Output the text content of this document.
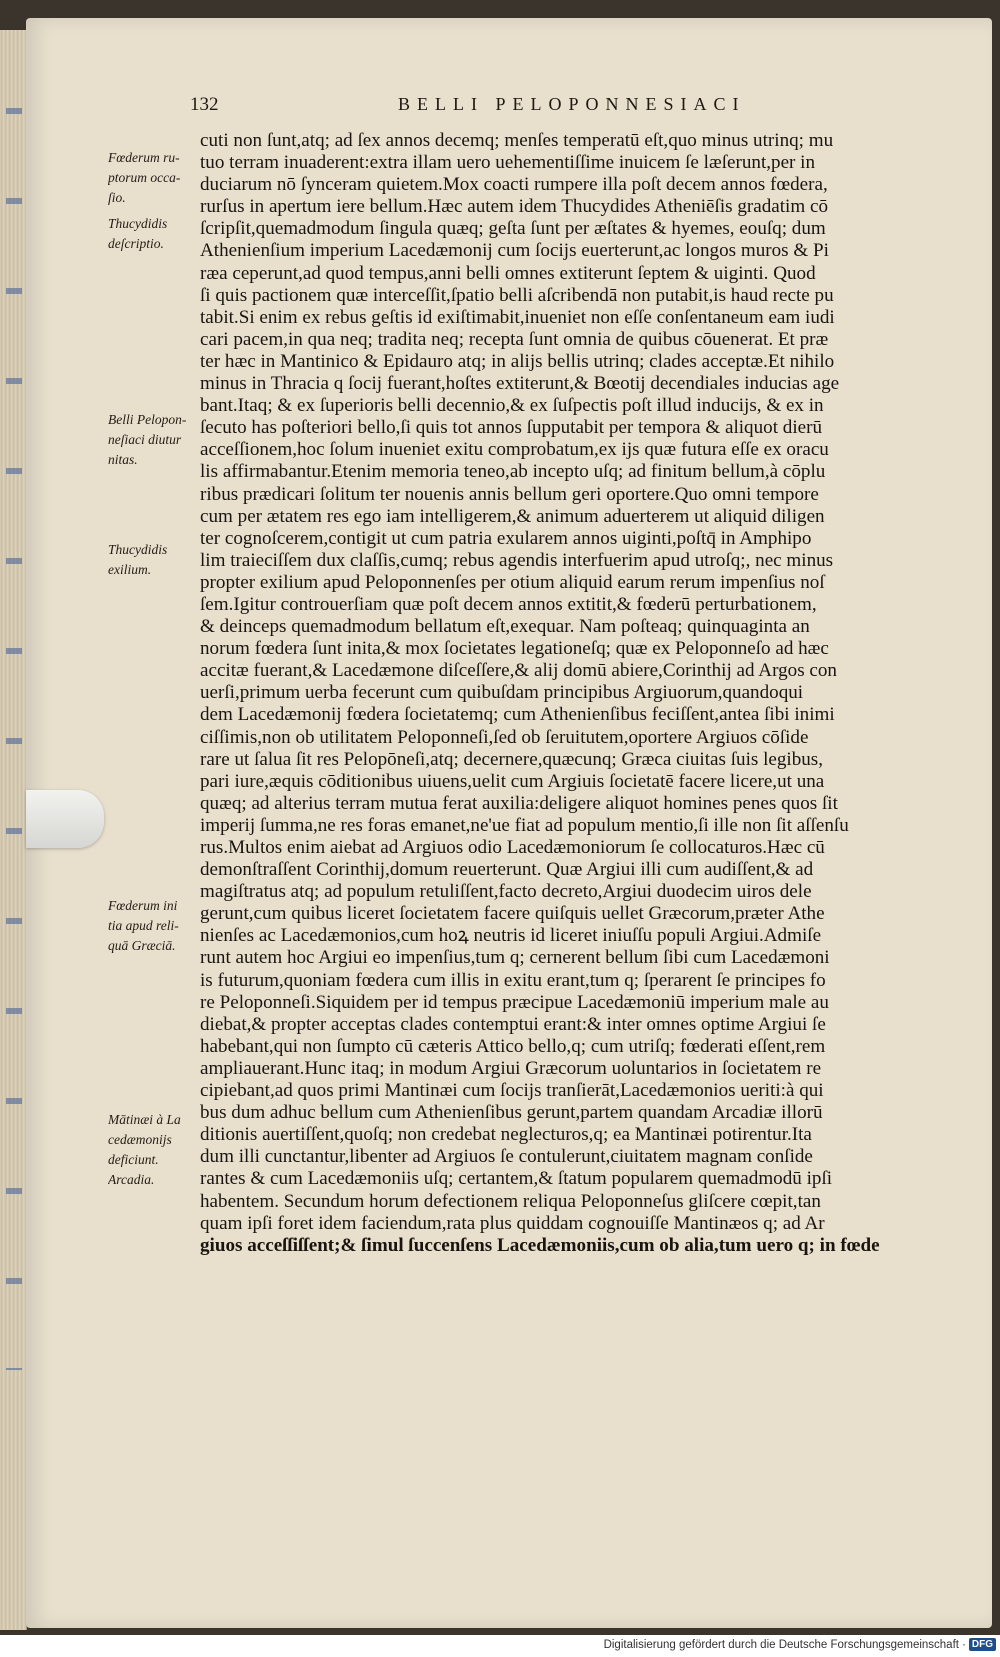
132	BELLI PELOPONNESIACI
Fœderum ru-
ptorum occa-
ſio.
Thucydidis
deſcriptio.
Belli Pelopon-
neſiaci diutur
nitas.
Thucydidis
exilium.
Fœderum ini
tia apud reli-
quā Græciā.
Mātinæi à La
cedæmonijs
deficiunt.
Arcadia.
cuti non ſunt,atq; ad ſex annos decemq; menſes temperatū eſt,quo minus utrinq; mu
tuo terram inuaderent:extra illam uero uehementiſſime inuicem ſe læſerunt,per in
duciarum nō ſynceram quietem.Mox coacti rumpere illa poſt decem annos fœdera,
rurſus in apertum iere bellum.Hæc autem idem Thucydides Atheniēſis gradatim cō
ſcripſit,quemadmodum ſingula quæq; geſta ſunt per æſtates & hyemes, eouſq; dum
Athenienſium imperium Lacedæmonij cum ſocijs euerterunt,ac longos muros & Pi
ræa ceperunt,ad quod tempus,anni belli omnes extiterunt ſeptem & uiginti. Quod
ſi quis pactionem quæ interceſſit,ſpatio belli aſcribendā non putabit,is haud recte pu
tabit.Si enim ex rebus geſtis id exiſtimabit,inueniet non eſſe conſentaneum eam iudi
cari pacem,in qua neq; tradita neq; recepta ſunt omnia de quibus cōuenerat. Et præ
ter hæc in Mantinico & Epidauro atq; in alijs bellis utrinq; clades acceptæ.Et nihilo
minus in Thracia q ſocij fuerant,hoſtes extiterunt,& Bœotij decendiales inducias age
bant.Itaq; & ex ſuperioris belli decennio,& ex ſuſpectis poſt illud inducijs, & ex in
ſecuto has poſteriori bello,ſi quis tot annos ſupputabit per tempora & aliquot dierū
acceſſionem,hoc ſolum inueniet exitu comprobatum,ex ijs quæ futura eſſe ex oracu
lis affirmabantur.Etenim memoria teneo,ab incepto uſq; ad finitum bellum,à cōplu
ribus prædicari ſolitum ter nouenis annis bellum geri oportere.Quo omni tempore
cum per ætatem res ego iam intelligerem,& animum aduerterem ut aliquid diligen
ter cognoſcerem,contigit ut cum patria exularem annos uiginti,poſtq̄ in Amphipo
lim traieciſſem dux claſſis,cumq; rebus agendis interfuerim apud utroſq;, nec minus
propter exilium apud Peloponnenſes per otium aliquid earum rerum impenſius noſ
ſem.Igitur controuerſiam quæ poſt decem annos extitit,& fœderū perturbationem,
& deinceps quemadmodum bellatum eſt,exequar. Nam poſteaq; quinquaginta an
norum fœdera ſunt inita,& mox ſocietates legationeſq; quæ ex Peloponneſo ad hæc
accitæ fuerant,& Lacedæmone diſceſſere,& alij domū abiere,Corinthij ad Argos con
uerſi,primum uerba fecerunt cum quibuſdam principibus Argiuorum,quandoqui
dem Lacedæmonij fœdera ſocietatemq; cum Athenienſibus feciſſent,antea ſibi inimi
ciſſimis,non ob utilitatem Peloponneſi,ſed ob ſeruitutem,oportere Argiuos cōſide
rare ut ſalua ſit res Pelopōneſi,atq; decernere,quæcunq; Græca ciuitas ſuis legibus,
pari iure,æquis cōditionibus uiuens,uelit cum Argiuis ſocietatē facere licere,ut una
quæq; ad alterius terram mutua ferat auxilia:deligere aliquot homines penes quos ſit
imperij ſumma,ne res foras emanet,ne'ue fiat ad populum mentio,ſi ille non ſit aſſenſu
rus.Multos enim aiebat ad Argiuos odio Lacedæmoniorum ſe collocaturos.Hæc cū
demonſtraſſent Corinthij,domum reuerterunt. Quæ Argiui illi cum audiſſent,& ad
magiſtratus atq; ad populum retuliſſent,facto decreto,Argiui duodecim uiros dele
gerunt,cum quibus liceret ſocietatem facere quiſquis uellet Græcorum,præter Athe
nienſes ac Lacedæmonios,cum hoꝝ neutris id liceret iniuſſu populi Argiui.Admiſe
runt autem hoc Argiui eo impenſius,tum q; cernerent bellum ſibi cum Lacedæmoni
is futurum,quoniam fœdera cum illis in exitu erant,tum q; ſperarent ſe principes fo
re Peloponneſi.Siquidem per id tempus præcipue Lacedæmoniū imperium male au
diebat,& propter acceptas clades contemptui erant:& inter omnes optime Argiui ſe
habebant,qui non ſumpto cū cæteris Attico bello,q; cum utriſq; fœderati eſſent,rem
ampliauerant.Hunc itaq; in modum Argiui Græcorum uoluntarios in ſocietatem re
cipiebant,ad quos primi Mantinæi cum ſocijs tranſierāt,Lacedæmonios ueriti:à qui
bus dum adhuc bellum cum Athenienſibus gerunt,partem quandam Arcadiæ illorū
ditionis auertiſſent,quoſq; non credebat neglecturos,q; ea Mantinæi potirentur.Ita
dum illi cunctantur,libenter ad Argiuos ſe contulerunt,ciuitatem magnam conſide
rantes & cum Lacedæmoniis uſq; certantem,& ſtatum popularem quemadmodū ipſi
habentem. Secundum horum defectionem reliqua Peloponneſus gliſcere cœpit,tan
quam ipſi foret idem faciendum,rata plus quiddam cognouiſſe Mantinæos q; ad Ar
giuos acceſſiſſent;& ſimul ſuccenſens Lacedæmoniis,cum ob alia,tum uero q; in fœde
Digitalisierung gefördert durch die Deutsche Forschungsgemeinschaft · DFG
